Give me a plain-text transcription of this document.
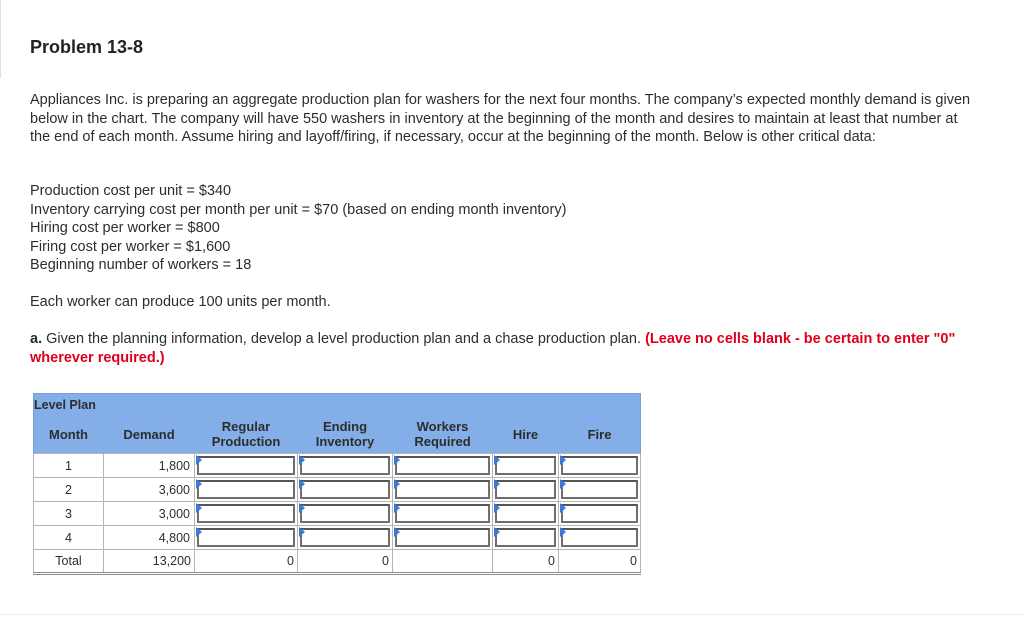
Problem 13-8

Appliances Inc. is preparing an aggregate production plan for washers for the next four months. The company’s expected monthly demand is given below in the chart. The company will have 550 washers in inventory at the beginning of the month and desires to maintain at least that number at the end of each month. Assume hiring and layoff/firing, if necessary, occur at the beginning of the month. Below is other critical data:

Production cost per unit = $340
Inventory carrying cost per month per unit = $70 (based on ending month inventory)
Hiring cost per worker = $800
Firing cost per worker = $1,600
Beginning number of workers = 18

Each worker can produce 100 units per month.

a. Given the planning information, develop a level production plan and a chase production plan. (Leave no cells blank - be certain to enter "0" wherever required.)

Level Plan						
Month	Demand	Regular Production	Ending Inventory	Workers Required	Hire	Fire
1	1,800	

2	3,600	

3	3,000	

4	4,800	

Total	13,200	0	0		0	0
